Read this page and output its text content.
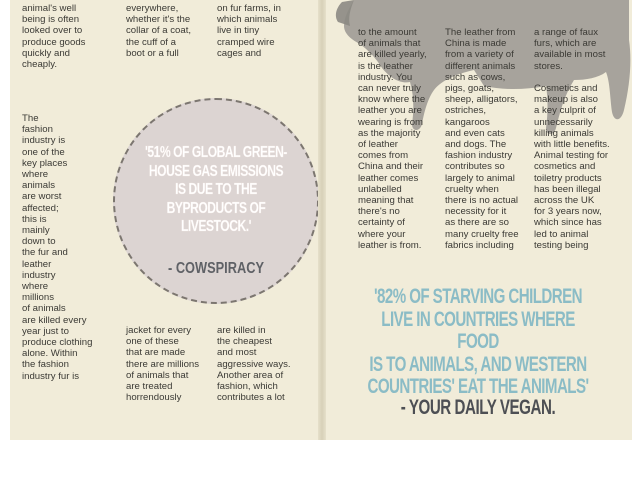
animal's well
being is often
looked over to
produce goods
quickly and
cheaply.
The
fashion
industry is
one of the
key places
where
animals
are worst
affected;
this is
mainly
down to
the fur and
leather
industry
where
millions
of animals
are killed every
year just to
produce clothing
alone. Within
the fashion
industry fur is
everywhere,
whether it's the
collar of a coat,
the cuff of a
boot or a full
jacket for every
one of these
that are made
there are millions
of animals that
are treated
horrendously
on fur farms, in
which animals
live in tiny
cramped wire
cages and
are killed in
the cheapest
and most
aggressive ways.
Another area of
fashion, which
contributes a lot
'51% OF GLOBAL GREEN-HOUSE GAS EMISSIONS IS DUE TO THE BYPRODUCTS OF LIVESTOCK.'
- COWSPIRACY
to the amount
of animals that
are killed yearly,
is the leather
industry. You
can never truly
know where the
leather you are
wearing is from
as the majority
of leather
comes from
China and their
leather comes
unlabelled
meaning that
there's no
certainty of
where your
leather is from.
The leather from
China is made
from a variety of
different animals
such as cows,
pigs, goats,
sheep, alligators,
ostriches,
kangaroos
and even cats
and dogs. The
fashion industry
contributes so
largely to animal
cruelty when
there is no actual
necessity for it
as there are so
many cruelty free
fabrics including
a range of faux
furs, which are
available in most
stores.

Cosmetics and
makeup is also
a key culprit of
unnecessarily
killing animals
with little benefits.
Animal testing for
cosmetics and
toiletry products
has been illegal
across the UK
for 3 years now,
which since has
led to animal
testing being
'82% OF STARVING CHILDREN
LIVE IN COUNTRIES WHERE FOOD
IS TO ANIMALS, AND WESTERN
COUNTRIES' EAT THE ANIMALS'
- YOUR DAILY VEGAN.
